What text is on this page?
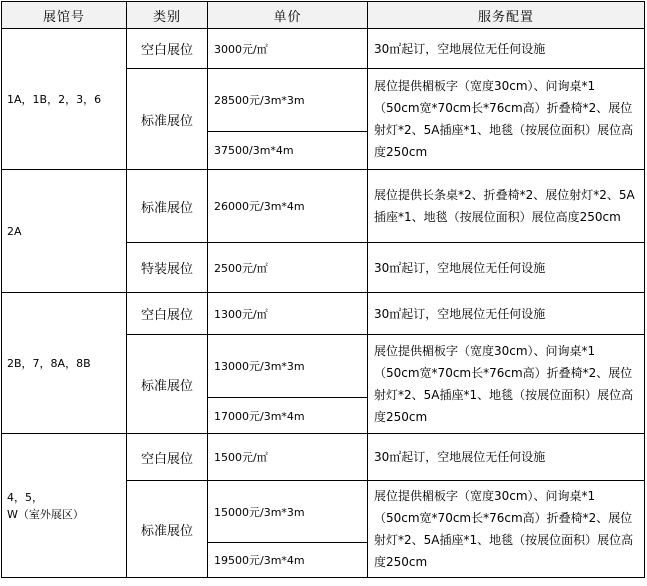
展馆号	类别	单价	服务配置
1A，1B，2，3，6	空白展位	3000元/㎡	30㎡起订，空地展位无任何设施
	标准展位	28500元/3m*3m	展位提供楣板字（宽度30cm）、问询桌*1（50cm宽*70cm长*76cm高）折叠椅*2、展位射灯*2、5A插座*1、地毯（按展位面积）展位高度250cm
		37500/3m*4m	
2A	标准展位	26000元/3m*4m	展位提供长条桌*2、折叠椅*2、展位射灯*2、5A插座*1、地毯（按展位面积）展位高度250cm
	特装展位	2500元/㎡	30㎡起订，空地展位无任何设施
2B，7，8A，8B	空白展位	1300元/㎡	30㎡起订，空地展位无任何设施
	标准展位	13000元/3m*3m	展位提供楣板字（宽度30cm）、问询桌*1（50cm宽*70cm长*76cm高）折叠椅*2、展位射灯*2、5A插座*1、地毯（按展位面积）展位高度250cm
		17000元/3m*4m	

4，5，
W（室外展区）	空白展位	1500元/㎡	30㎡起订，空地展位无任何设施
	标准展位	15000元/3m*3m	展位提供楣板字（宽度30cm）、问询桌*1（50cm宽*70cm长*76cm高）折叠椅*2、展位射灯*2、5A插座*1、地毯（按展位面积）展位高度250cm
		19500元/3m*4m	
